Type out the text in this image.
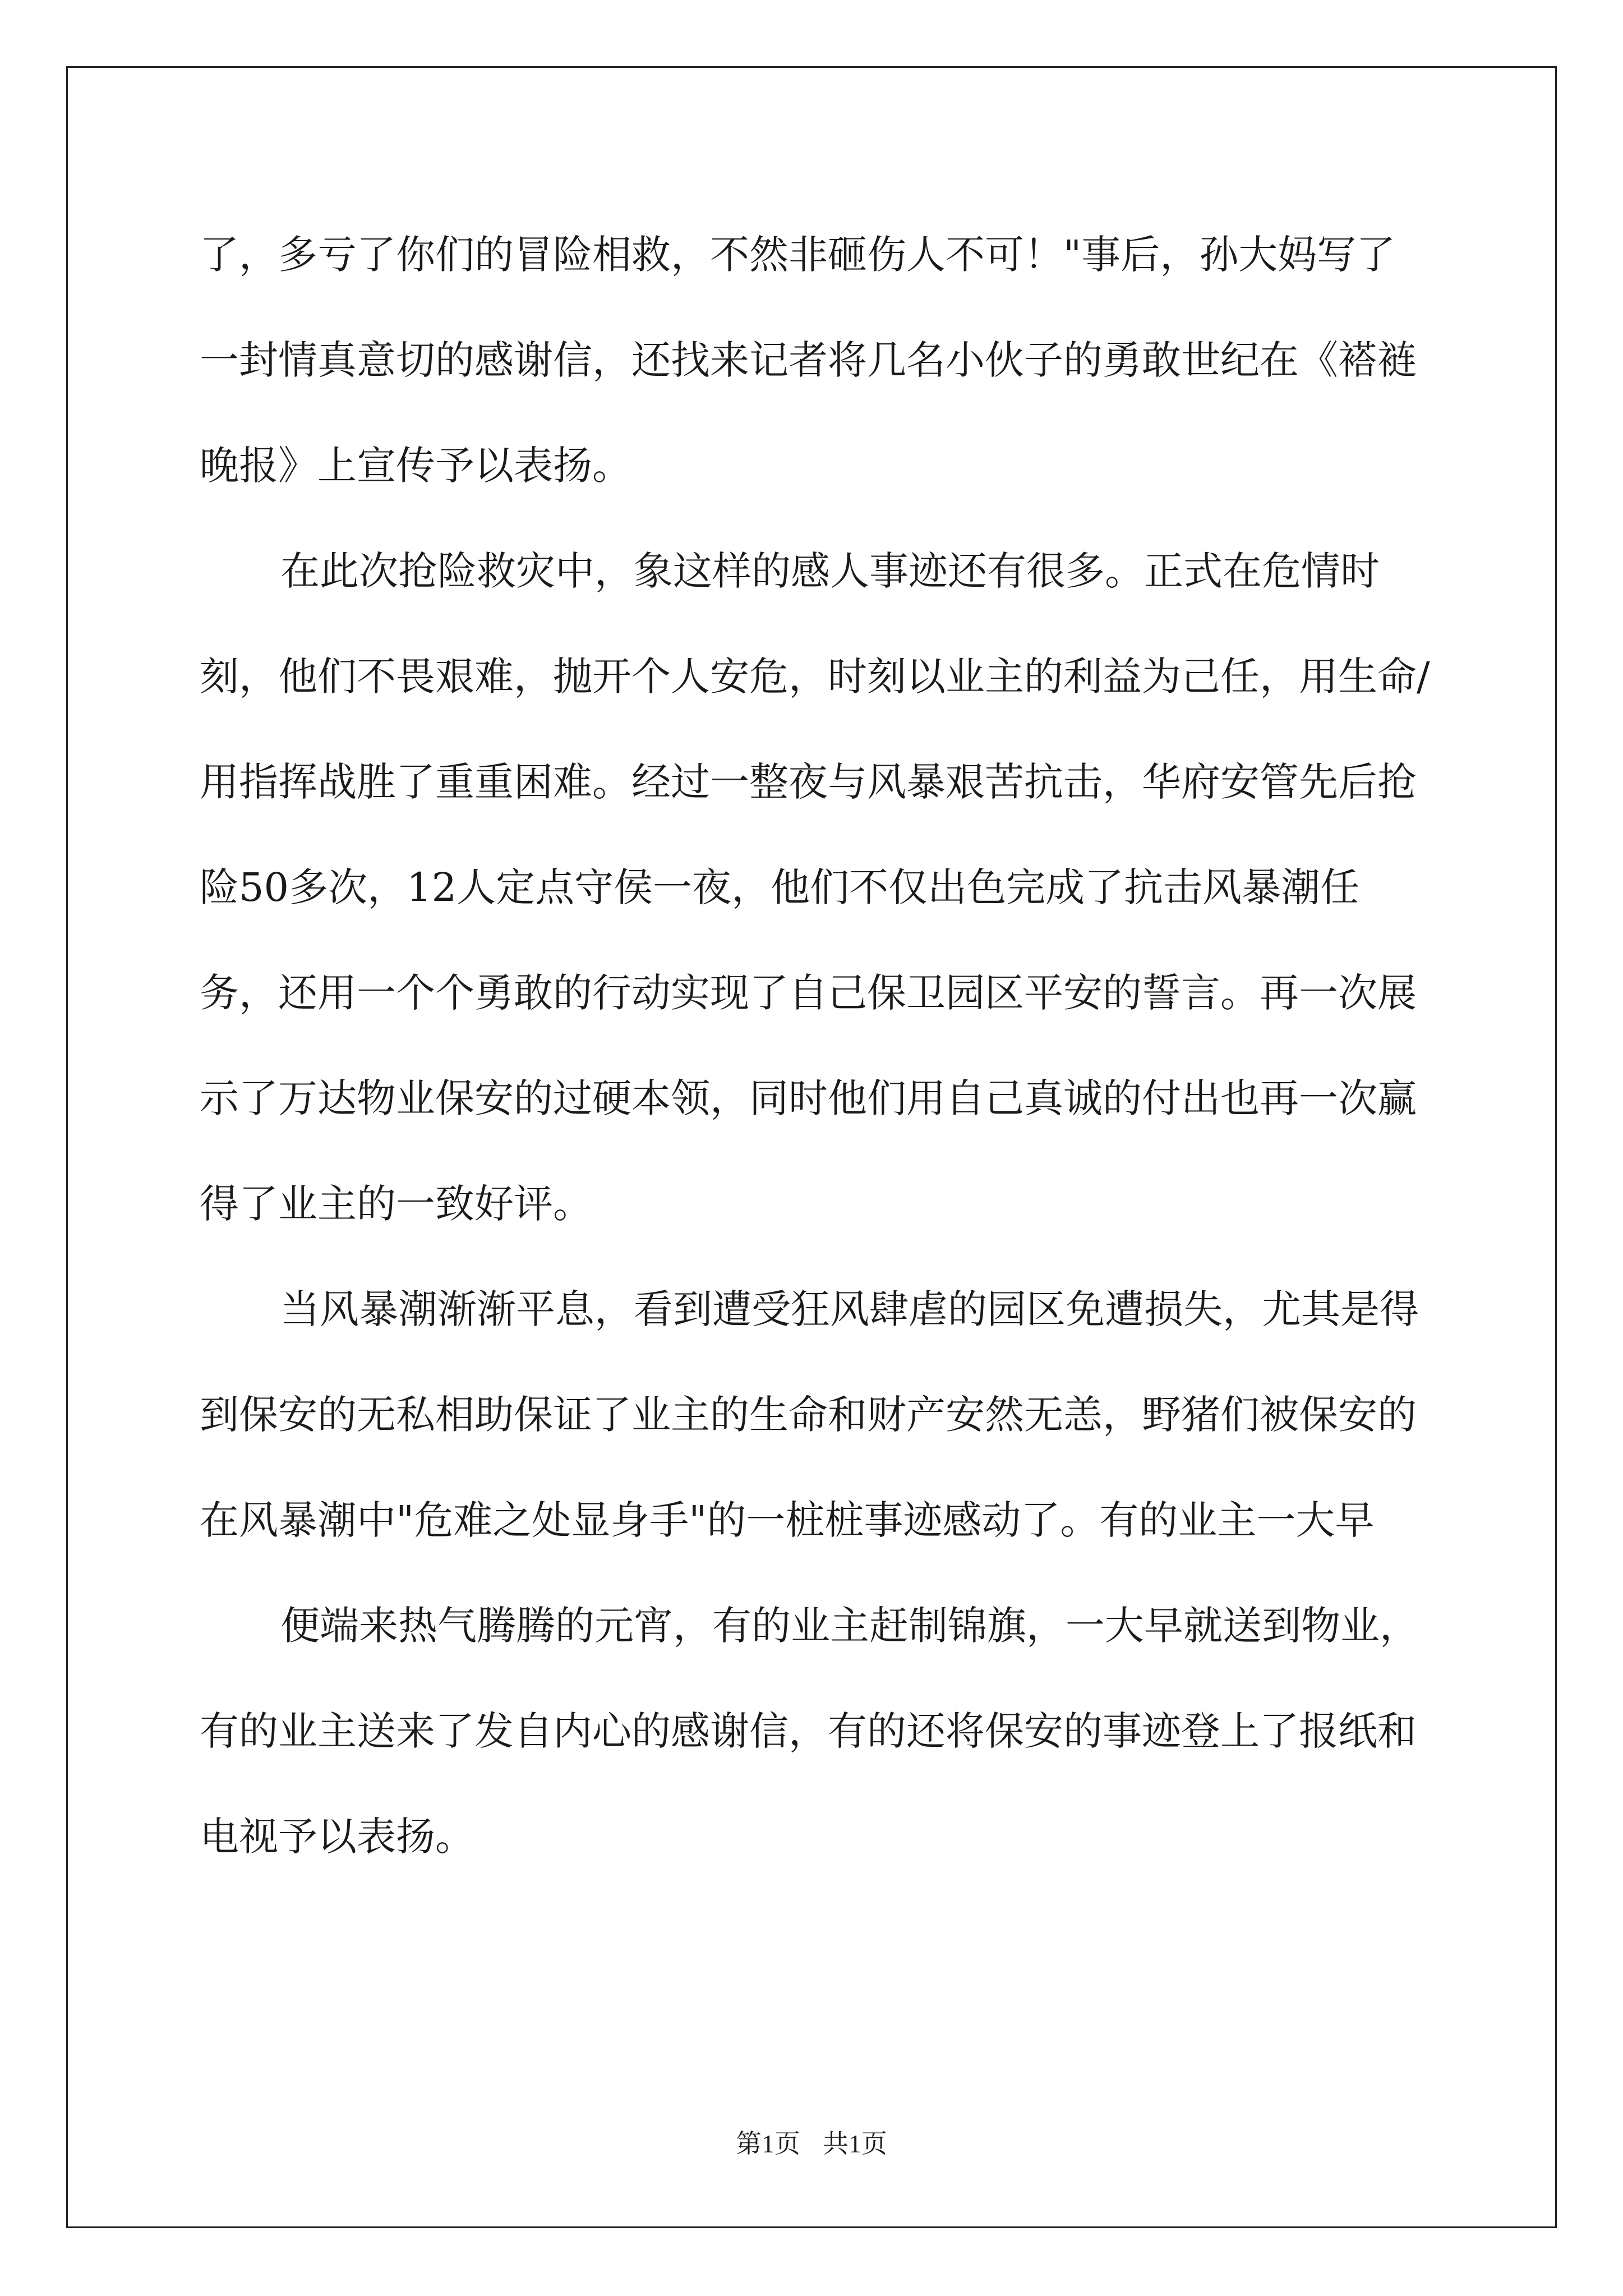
了，多亏了你们的冒险相救，不然非砸伤人不可！"事后，孙大妈写了一封情真意切的感谢信，还找来记者将几名小伙子的勇敢世纪在《褡裢晚报》上宣传予以表扬。

在此次抢险救灾中，象这样的感人事迹还有很多。正式在危情时刻，他们不畏艰难，抛开个人安危，时刻以业主的利益为己任，用生命/用指挥战胜了重重困难。经过一整夜与风暴艰苦抗击，华府安管先后抢险50多次，12人定点守侯一夜，他们不仅出色完成了抗击风暴潮任务，还用一个个勇敢的行动实现了自己保卫园区平安的誓言。再一次展示了万达物业保安的过硬本领，同时他们用自己真诚的付出也再一次赢得了业主的一致好评。

当风暴潮渐渐平息，看到遭受狂风肆虐的园区免遭损失，尤其是得到保安的无私相助保证了业主的生命和财产安然无恙，野猪们被保安的在风暴潮中"危难之处显身手"的一桩桩事迹感动了。有的业主一大早

便端来热气腾腾的元宵，有的业主赶制锦旗，一大早就送到物业，有的业主送来了发自内心的感谢信，有的还将保安的事迹登上了报纸和电视予以表扬。

第1页 共1页
